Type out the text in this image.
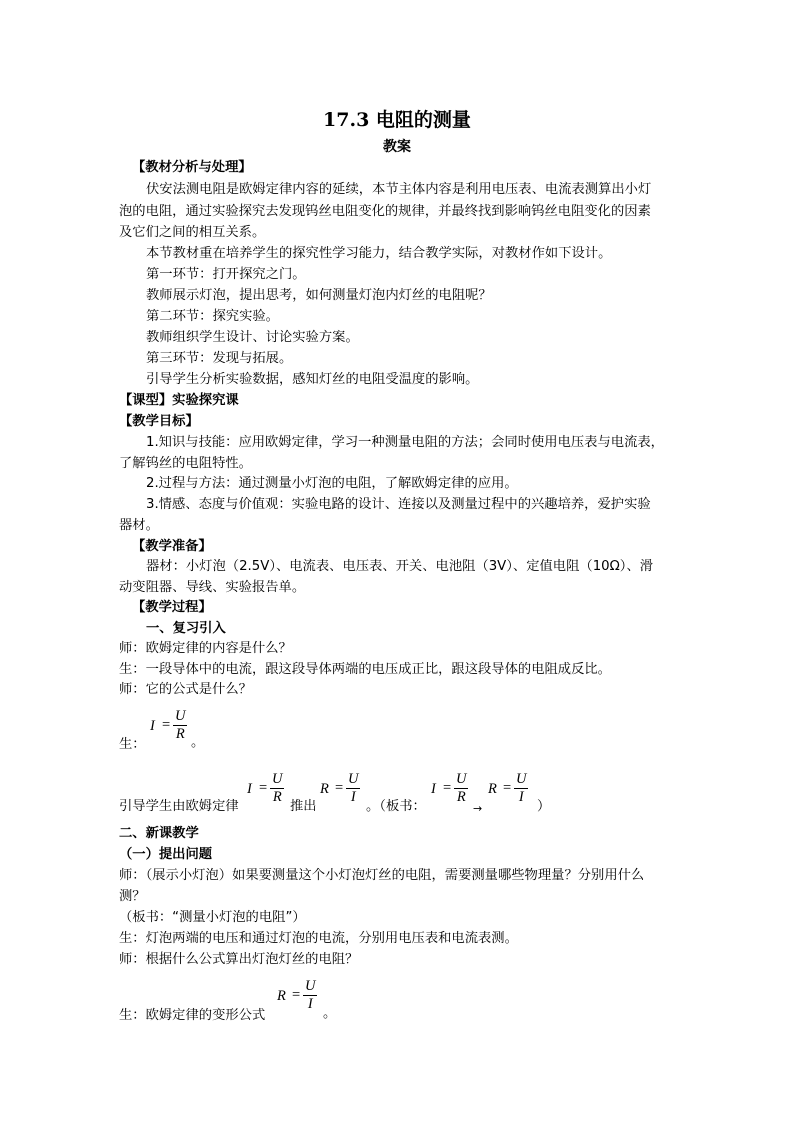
17.3 电阻的测量
教案
【教材分析与处理】
伏安法测电阻是欧姆定律内容的延续，本节主体内容是利用电压表、电流表测算出小灯
泡的电阻，通过实验探究去发现钨丝电阻变化的规律，并最终找到影响钨丝电阻变化的因素
及它们之间的相互关系。
本节教材重在培养学生的探究性学习能力，结合教学实际，对教材作如下设计。
第一环节：打开探究之门。
教师展示灯泡，提出思考，如何测量灯泡内灯丝的电阻呢？
第二环节：探究实验。
教师组织学生设计、讨论实验方案。
第三环节：发现与拓展。
引导学生分析实验数据，感知灯丝的电阻受温度的影响。
【课型】实验探究课
【教学目标】
1.知识与技能：应用欧姆定律，学习一种测量电阻的方法；会同时使用电压表与电流表，
了解钨丝的电阻特性。
2.过程与方法：通过测量小灯泡的电阻，了解欧姆定律的应用。
3.情感、态度与价值观：实验电路的设计、连接以及测量过程中的兴趣培养，爱护实验
器材。
【教学准备】
器材：小灯泡（2.5V）、电流表、电压表、开关、电池阻（3V）、定值电阻（10Ω）、滑
动变阻器、导线、实验报告单。
【教学过程】
一、复习引入
师：欧姆定律的内容是什么？
生：一段导体中的电流，跟这段导体两端的电压成正比，跟这段导体的电阻成反比。
师：它的公式是什么？
生：
$I = \frac{U}{R}$ 。
引导学生由欧姆定律
$I = \frac{U}{R}$
推出
$R = \frac{U}{I}$
。（板书：
$I = \frac{U}{R}$
→
$R = \frac{U}{I}$
）
二、新课教学
（一）提出问题
师：（展示小灯泡）如果要测量这个小灯泡灯丝的电阻，需要测量哪些物理量？分别用什么
测？
（板书：“测量小灯泡的电阻”）
生：灯泡两端的电压和通过灯泡的电流，分别用电压表和电流表测。
师：根据什么公式算出灯泡灯丝的电阻？
生：欧姆定律的变形公式
$R = \frac{U}{I}$
。
